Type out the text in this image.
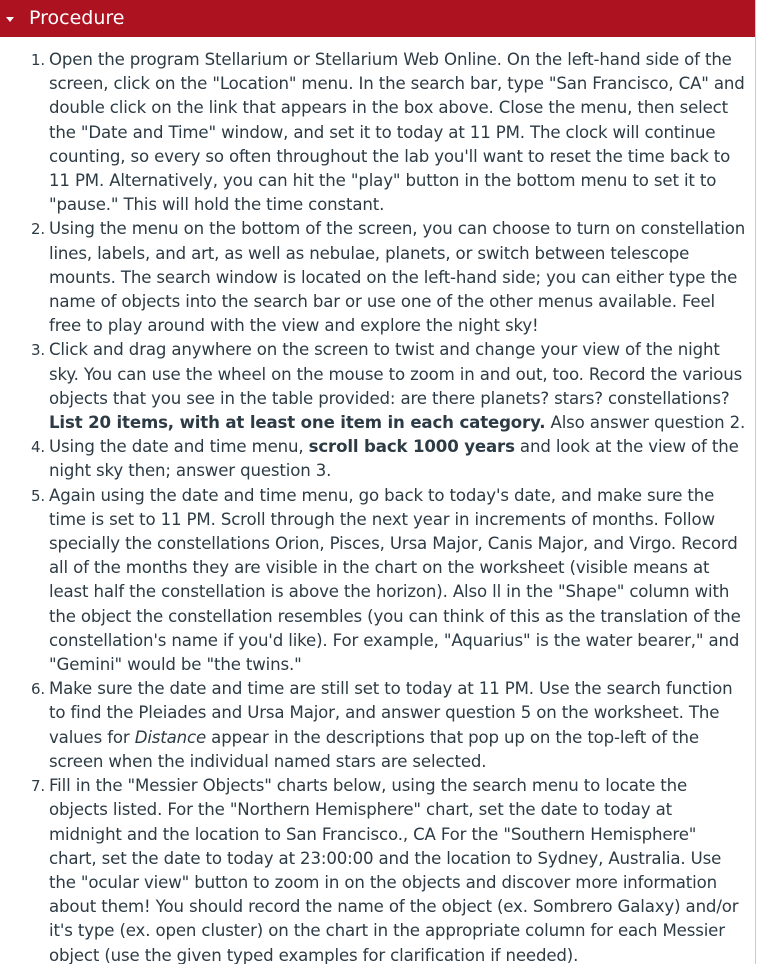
Procedure
1. Open the program Stellarium or Stellarium Web Online. On the left-hand side of the screen, click on the "Location" menu. In the search bar, type "San Francisco, CA" and double click on the link that appears in the box above. Close the menu, then select the "Date and Time" window, and set it to today at 11 PM. The clock will continue counting, so every so often throughout the lab you'll want to reset the time back to 11 PM. Alternatively, you can hit the "play" button in the bottom menu to set it to "pause." This will hold the time constant.
2. Using the menu on the bottom of the screen, you can choose to turn on constellation lines, labels, and art, as well as nebulae, planets, or switch between telescope mounts. The search window is located on the left-hand side; you can either type the name of objects into the search bar or use one of the other menus available. Feel free to play around with the view and explore the night sky!
3. Click and drag anywhere on the screen to twist and change your view of the night sky. You can use the wheel on the mouse to zoom in and out, too. Record the various objects that you see in the table provided: are there planets? stars? constellations? List 20 items, with at least one item in each category. Also answer question 2.
4. Using the date and time menu, scroll back 1000 years and look at the view of the night sky then; answer question 3.
5. Again using the date and time menu, go back to today's date, and make sure the time is set to 11 PM. Scroll through the next year in increments of months. Follow specially the constellations Orion, Pisces, Ursa Major, Canis Major, and Virgo. Record all of the months they are visible in the chart on the worksheet (visible means at least half the constellation is above the horizon). Also ll in the "Shape" column with the object the constellation resembles (you can think of this as the translation of the constellation's name if you'd like). For example, "Aquarius" is the water bearer," and "Gemini" would be "the twins."
6. Make sure the date and time are still set to today at 11 PM. Use the search function to find the Pleiades and Ursa Major, and answer question 5 on the worksheet. The values for Distance appear in the descriptions that pop up on the top-left of the screen when the individual named stars are selected.
7. Fill in the "Messier Objects" charts below, using the search menu to locate the objects listed. For the "Northern Hemisphere" chart, set the date to today at midnight and the location to San Francisco., CA For the "Southern Hemisphere" chart, set the date to today at 23:00:00 and the location to Sydney, Australia. Use the "ocular view" button to zoom in on the objects and discover more information about them! You should record the name of the object (ex. Sombrero Galaxy) and/or it's type (ex. open cluster) on the chart in the appropriate column for each Messier object (use the given typed examples for clarification if needed).
